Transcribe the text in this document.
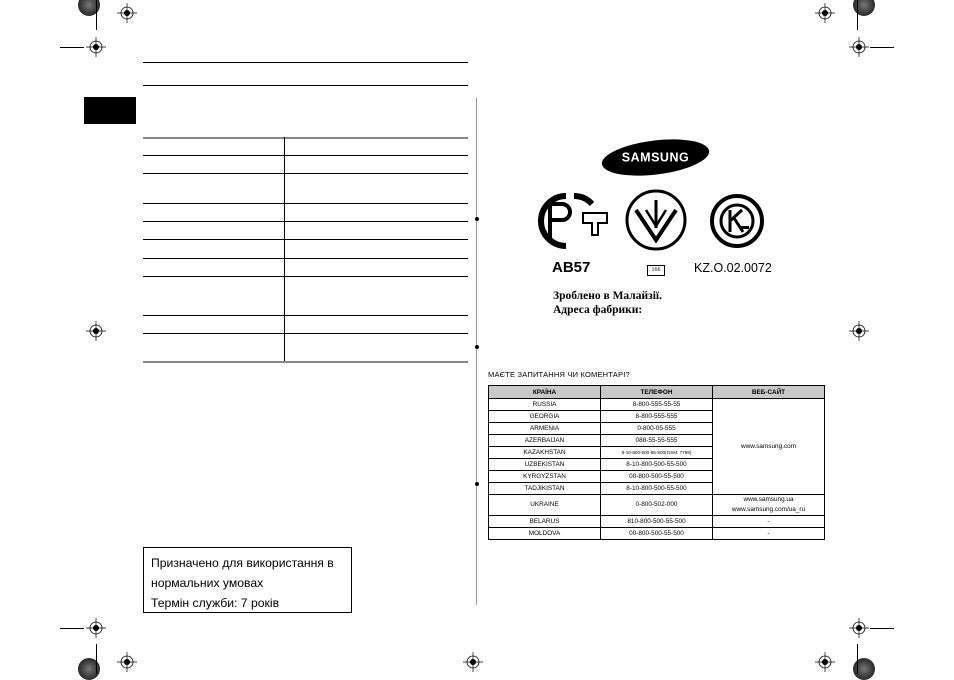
Призначено для використання в
нормальних умовах
Термін служби: 7 років
SAMSUNG
AB57	166	KZ.O.02.0072
Зроблено в Малайзії.
Адреса фабрики:
МАЄТЕ ЗАПИТАННЯ ЧИ КОМЕНТАРІ?
КРАЇНА	ТЕЛЕФОН	ВЕБ-САЙТ
RUSSIA	8-800-555-55-55	www.samsung.com
GEORGIA	8-800-555-555	
ARMENIA	0-800-05-555	
AZERBAIJAN	088-55-55-555	
KAZAKHSTAN	8-10-800-500-55-500(GSM: 7799)	
UZBEKISTAN	8-10-800-500-55-500	
KYRGYZSTAN	00-800-500-55-500	
TADJIKISTAN	8-10-800-500-55-500	
UKRAINE	0-800-502-000	www.samsung.ua
www.samsung.com/ua_ru

BELARUS	810-800-500-55-500	-
MOLDOVA	00-800-500-55-500	-
